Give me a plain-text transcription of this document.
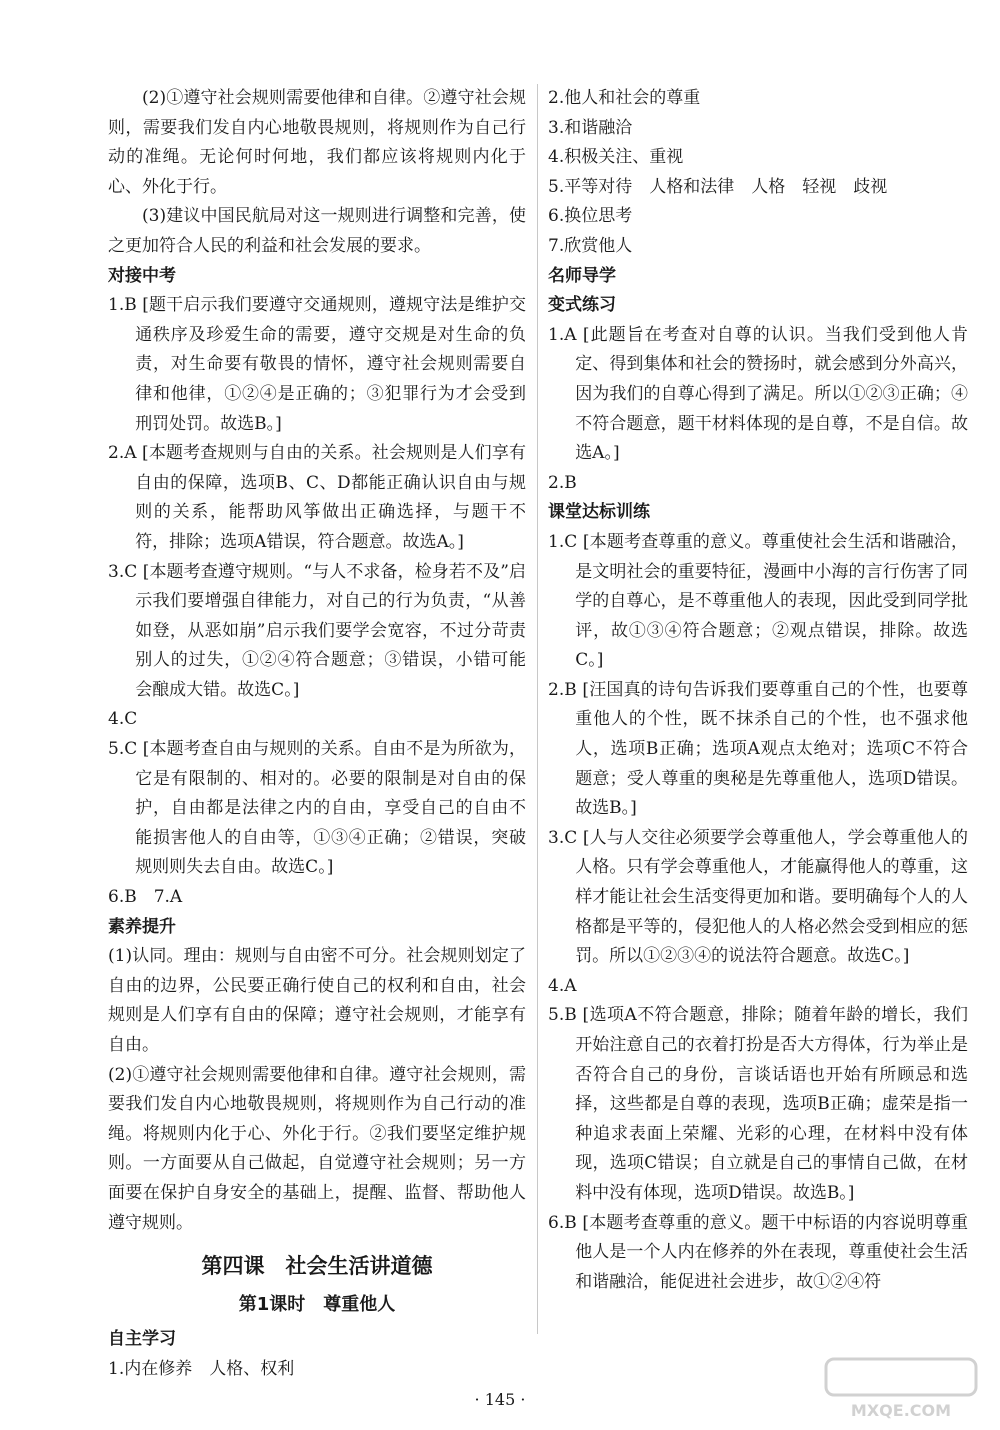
(2)①遵守社会规则需要他律和自律。②遵守社会规则，需要我们发自内心地敬畏规则，将规则作为自己行动的准绳。无论何时何地，我们都应该将规则内化于心、外化于行。

(3)建议中国民航局对这一规则进行调整和完善，使之更加符合人民的利益和社会发展的要求。

对接中考

1.B [题干启示我们要遵守交通规则，遵规守法是维护交通秩序及珍爱生命的需要，遵守交规是对生命的负责，对生命要有敬畏的情怀，遵守社会规则需要自律和他律，①②④是正确的；③犯罪行为才会受到刑罚处罚。故选B。]

2.A [本题考查规则与自由的关系。社会规则是人们享有自由的保障，选项B、C、D都能正确认识自由与规则的关系，能帮助风筝做出正确选择，与题干不符，排除；选项A错误，符合题意。故选A。]

3.C [本题考查遵守规则。“与人不求备，检身若不及”启示我们要增强自律能力，对自己的行为负责，“从善如登，从恶如崩”启示我们要学会宽容，不过分苛责别人的过失，①②④符合题意；③错误，小错可能会酿成大错。故选C。]

4.C

5.C [本题考查自由与规则的关系。自由不是为所欲为，它是有限制的、相对的。必要的限制是对自由的保护，自由都是法律之内的自由，享受自己的自由不能损害他人的自由等，①③④正确；②错误，突破规则则失去自由。故选C。]

6.B　7.A

素养提升

(1)认同。理由：规则与自由密不可分。社会规则划定了自由的边界，公民要正确行使自己的权利和自由，社会规则是人们享有自由的保障；遵守社会规则，才能享有自由。

(2)①遵守社会规则需要他律和自律。遵守社会规则，需要我们发自内心地敬畏规则，将规则作为自己行动的准绳。将规则内化于心、外化于行。②我们要坚定维护规则。一方面要从自己做起，自觉遵守社会规则；另一方面要在保护自身安全的基础上，提醒、监督、帮助他人遵守规则。

第四课　社会生活讲道德
第1课时　尊重他人
自主学习

1.内在修养　人格、权利

2.他人和社会的尊重

3.和谐融洽

4.积极关注、重视

5.平等对待　人格和法律　人格　轻视　歧视

6.换位思考

7.欣赏他人

名师导学
变式练习

1.A [此题旨在考查对自尊的认识。当我们受到他人肯定、得到集体和社会的赞扬时，就会感到分外高兴，因为我们的自尊心得到了满足。所以①②③正确；④不符合题意，题干材料体现的是自尊，不是自信。故选A。]

2.B

课堂达标训练

1.C [本题考查尊重的意义。尊重使社会生活和谐融洽，是文明社会的重要特征，漫画中小海的言行伤害了同学的自尊心，是不尊重他人的表现，因此受到同学批评，故①③④符合题意；②观点错误，排除。故选C。]

2.B [汪国真的诗句告诉我们要尊重自己的个性，也要尊重他人的个性，既不抹杀自己的个性，也不强求他人，选项B正确；选项A观点太绝对；选项C不符合题意；受人尊重的奥秘是先尊重他人，选项D错误。故选B。]

3.C [人与人交往必须要学会尊重他人，学会尊重他人的人格。只有学会尊重他人，才能赢得他人的尊重，这样才能让社会生活变得更加和谐。要明确每个人的人格都是平等的，侵犯他人的人格必然会受到相应的惩罚。所以①②③④的说法符合题意。故选C。]

4.A

5.B [选项A不符合题意，排除；随着年龄的增长，我们开始注意自己的衣着打扮是否大方得体，行为举止是否符合自己的身份，言谈话语也开始有所顾忌和选择，这些都是自尊的表现，选项B正确；虚荣是指一种追求表面上荣耀、光彩的心理，在材料中没有体现，选项C错误；自立就是自己的事情自己做，在材料中没有体现，选项D错误。故选B。]

6.B [本题考查尊重的意义。题干中标语的内容说明尊重他人是一个人内在修养的外在表现，尊重使社会生活和谐融洽，能促进社会进步，故①②④符

· 145 ·
MXQE.COM
